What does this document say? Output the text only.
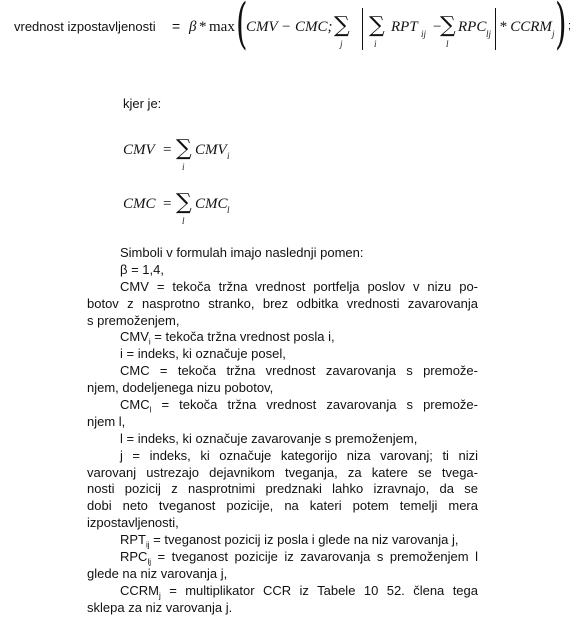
vrednost izpostavljenosti = β * max (
CMV − CMC; ∑
j
∑
i
RPT ij −
∑
l
RPC lj * CCRM j ) ;
kjer je:
CMV = ∑
i
CMV i
CMC = ∑
l
CMC l
Simboli v formulah imajo naslednji pomen:
β = 1,4,
CMV = tekoča tržna vrednost portfelja poslov v nizu po-
botov z nasprotno stranko, brez odbitka vrednosti zavarovanja
s premoženjem,
$CMV_i$ = tekoča tržna vrednost posla i,
i = indeks, ki označuje posel,
CMC = tekoča tržna vrednost zavarovanja s premože-
njem, dodeljenega nizu pobotov,
$CMC_l$ = tekoča tržna vrednost zavarovanja s premože-
njem l,
l = indeks, ki označuje zavarovanje s premoženjem,
j = indeks, ki označuje kategorijo niza varovanj; ti nizi
varovanj ustrezajo dejavnikom tveganja, za katere se tvega-
nosti pozicij z nasprotnimi predznaki lahko izravnajo, da se
dobi neto tveganost pozicije, na kateri potem temelji mera
izpostavljenosti,
$RPT_{ij}$ = tveganost pozicij iz posla i glede na niz varovanja j,
$RPC_{lj}$ = tveganost pozicije iz zavarovanja s premoženjem l
glede na niz varovanja j,
$CCRM_j$ = multiplikator CCR iz Tabele 10 52. člena tega
sklepa za niz varovanja j.
